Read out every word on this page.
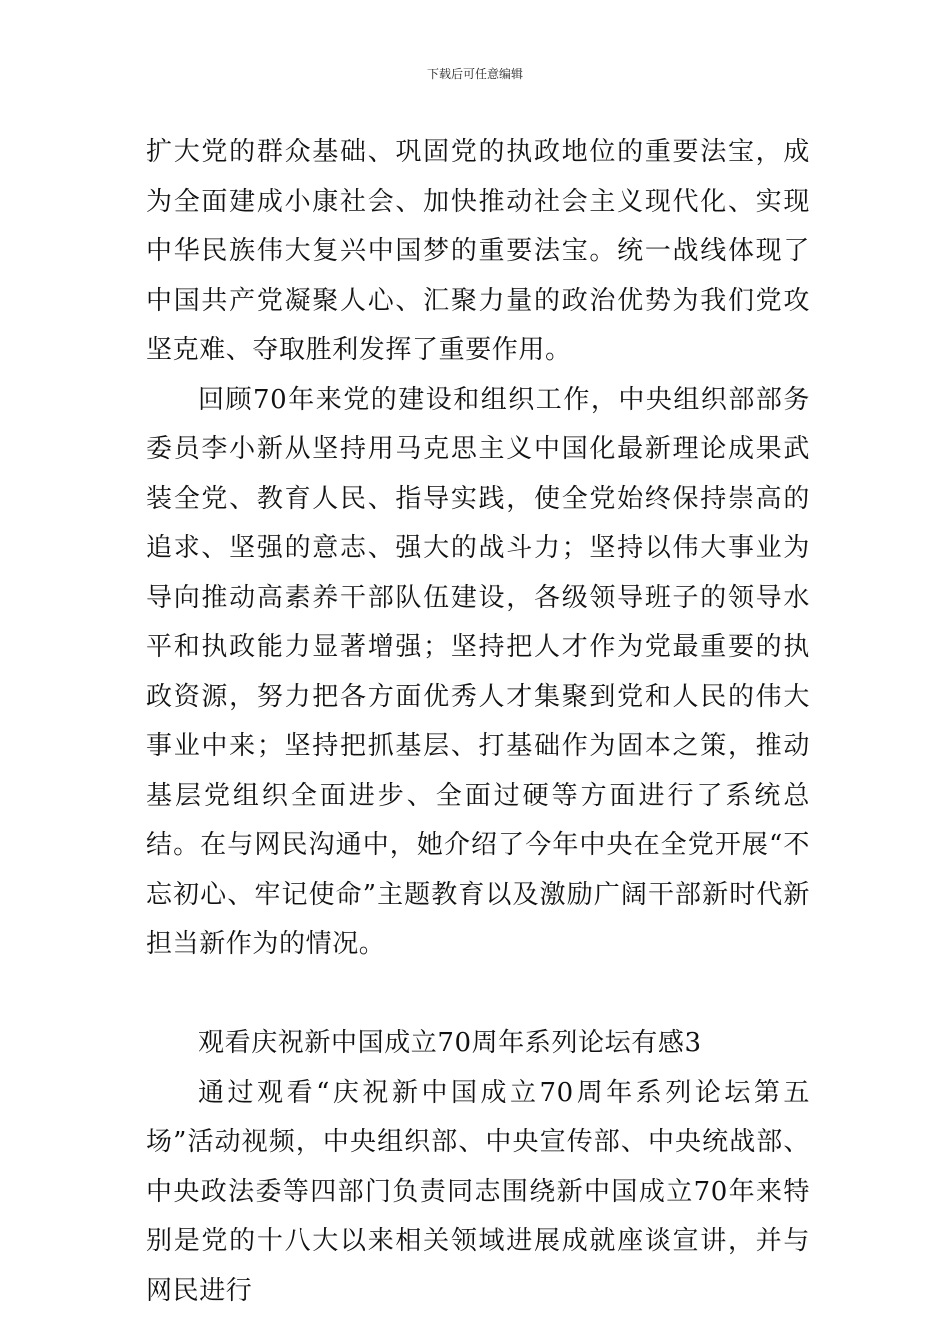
下载后可任意编辑

扩大党的群众基础、巩固党的执政地位的重要法宝，成为全面建成小康社会、加快推动社会主义现代化、实现中华民族伟大复兴中国梦的重要法宝。统一战线体现了中国共产党凝聚人心、汇聚力量的政治优势为我们党攻坚克难、夺取胜利发挥了重要作用。

回顾70年来党的建设和组织工作，中央组织部部务委员李小新从坚持用马克思主义中国化最新理论成果武装全党、教育人民、指导实践，使全党始终保持崇高的追求、坚强的意志、强大的战斗力；坚持以伟大事业为导向推动高素养干部队伍建设，各级领导班子的领导水平和执政能力显著增强；坚持把人才作为党最重要的执政资源，努力把各方面优秀人才集聚到党和人民的伟大事业中来；坚持把抓基层、打基础作为固本之策，推动基层党组织全面进步、全面过硬等方面进行了系统总结。在与网民沟通中，她介绍了今年中央在全党开展“不忘初心、牢记使命”主题教育以及激励广阔干部新时代新担当新作为的情况。

观看庆祝新中国成立70周年系列论坛有感3

通过观看“庆祝新中国成立70周年系列论坛第五场”活动视频，中央组织部、中央宣传部、中央统战部、中央政法委等四部门负责同志围绕新中国成立70年来特别是党的十八大以来相关领域进展成就座谈宣讲，并与网民进行
